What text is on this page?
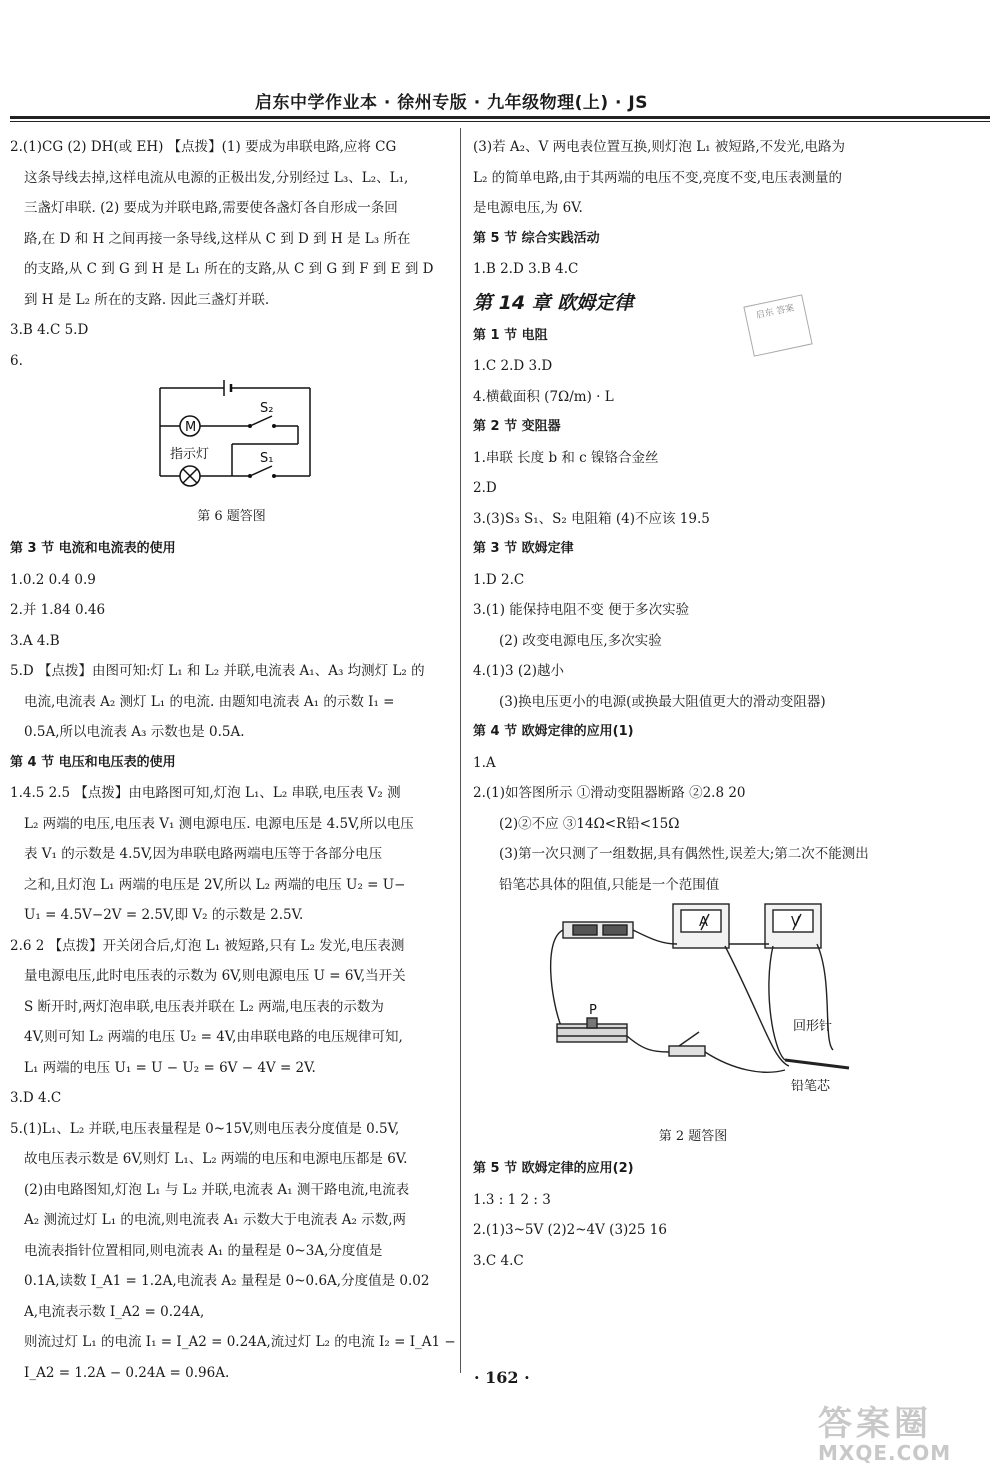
启东中学作业本 · 徐州专版 · 九年级物理(上) · JS
2.(1)CG (2) DH(或 EH) 【点拨】(1) 要成为串联电路,应将 CG
这条导线去掉,这样电流从电源的正极出发,分别经过 L₃、L₂、L₁,
三盏灯串联. (2) 要成为并联电路,需要使各盏灯各自形成一条回
路,在 D 和 H 之间再接一条导线,这样从 C 到 D 到 H 是 L₃ 所在
的支路,从 C 到 G 到 H 是 L₁ 所在的支路,从 C 到 G 到 F 到 E 到 D
到 H 是 L₂ 所在的支路. 因此三盏灯并联.
3.B 4.C 5.D
6.
M
S₂
S₁
指示灯
第 6 题答图
第 3 节 电流和电流表的使用
1.0.2 0.4 0.9
2.并 1.84 0.46
3.A 4.B
5.D 【点拨】由图可知:灯 L₁ 和 L₂ 并联,电流表 A₁、A₃ 均测灯 L₂ 的
电流,电流表 A₂ 测灯 L₁ 的电流. 由题知电流表 A₁ 的示数 I₁ =
0.5A,所以电流表 A₃ 示数也是 0.5A.
第 4 节 电压和电压表的使用
1.4.5 2.5 【点拨】由电路图可知,灯泡 L₁、L₂ 串联,电压表 V₂ 测
L₂ 两端的电压,电压表 V₁ 测电源电压. 电源电压是 4.5V,所以电压
表 V₁ 的示数是 4.5V,因为串联电路两端电压等于各部分电压
之和,且灯泡 L₁ 两端的电压是 2V,所以 L₂ 两端的电压 U₂ = U−
U₁ = 4.5V−2V = 2.5V,即 V₂ 的示数是 2.5V.
2.6 2 【点拨】开关闭合后,灯泡 L₁ 被短路,只有 L₂ 发光,电压表测
量电源电压,此时电压表的示数为 6V,则电源电压 U = 6V,当开关
S 断开时,两灯泡串联,电压表并联在 L₂ 两端,电压表的示数为
4V,则可知 L₂ 两端的电压 U₂ = 4V,由串联电路的电压规律可知,
L₁ 两端的电压 U₁ = U − U₂ = 6V − 4V = 2V.
3.D 4.C
5.(1)L₁、L₂ 并联,电压表量程是 0~15V,则电压表分度值是 0.5V,
故电压表示数是 6V,则灯 L₁、L₂ 两端的电压和电源电压都是 6V.
(2)由电路图知,灯泡 L₁ 与 L₂ 并联,电流表 A₁ 测干路电流,电流表
A₂ 测流过灯 L₁ 的电流,则电流表 A₁ 示数大于电流表 A₂ 示数,两
电流表指针位置相同,则电流表 A₁ 的量程是 0~3A,分度值是
0.1A,读数 I_A1 = 1.2A,电流表 A₂ 量程是 0~0.6A,分度值是 0.02
A,电流表示数 I_A2 = 0.24A,
则流过灯 L₁ 的电流 I₁ = I_A2 = 0.24A,流过灯 L₂ 的电流 I₂ = I_A1 −
I_A2 = 1.2A − 0.24A = 0.96A.
(3)若 A₂、V 两电表位置互换,则灯泡 L₁ 被短路,不发光,电路为
L₂ 的简单电路,由于其两端的电压不变,亮度不变,电压表测量的
是电源电压,为 6V.
第 5 节 综合实践活动
1.B 2.D 3.B 4.C
第 14 章 欧姆定律
第 1 节 电阻
1.C 2.D 3.D
4.横截面积 (7Ω/m) · L
第 2 节 变阻器
1.串联 长度 b 和 c 镍铬合金丝
2.D
3.(3)S₃ S₁、S₂ 电阻箱 (4)不应该 19.5
第 3 节 欧姆定律
1.D 2.C
3.(1) 能保持电阻不变 便于多次实验
(2) 改变电源电压,多次实验
4.(1)3 (2)越小
(3)换电压更小的电源(或换最大阻值更大的滑动变阻器)
第 4 节 欧姆定律的应用(1)
1.A
2.(1)如答图所示 ①滑动变阻器断路 ②2.8 20
(2)②不应 ③14Ω<R铅<15Ω
(3)第一次只测了一组数据,具有偶然性,误差大;第二次不能测出
铅笔芯具体的阻值,只能是一个范围值
A	V
P
回形针
铅笔芯
第 2 题答图
第 5 节 欧姆定律的应用(2)
1.3 : 1 2 : 3
2.(1)3~5V (2)2~4V (3)25 16
3.C 4.C
启东 答案
· 162 ·
答案圈
MXQE.COM
